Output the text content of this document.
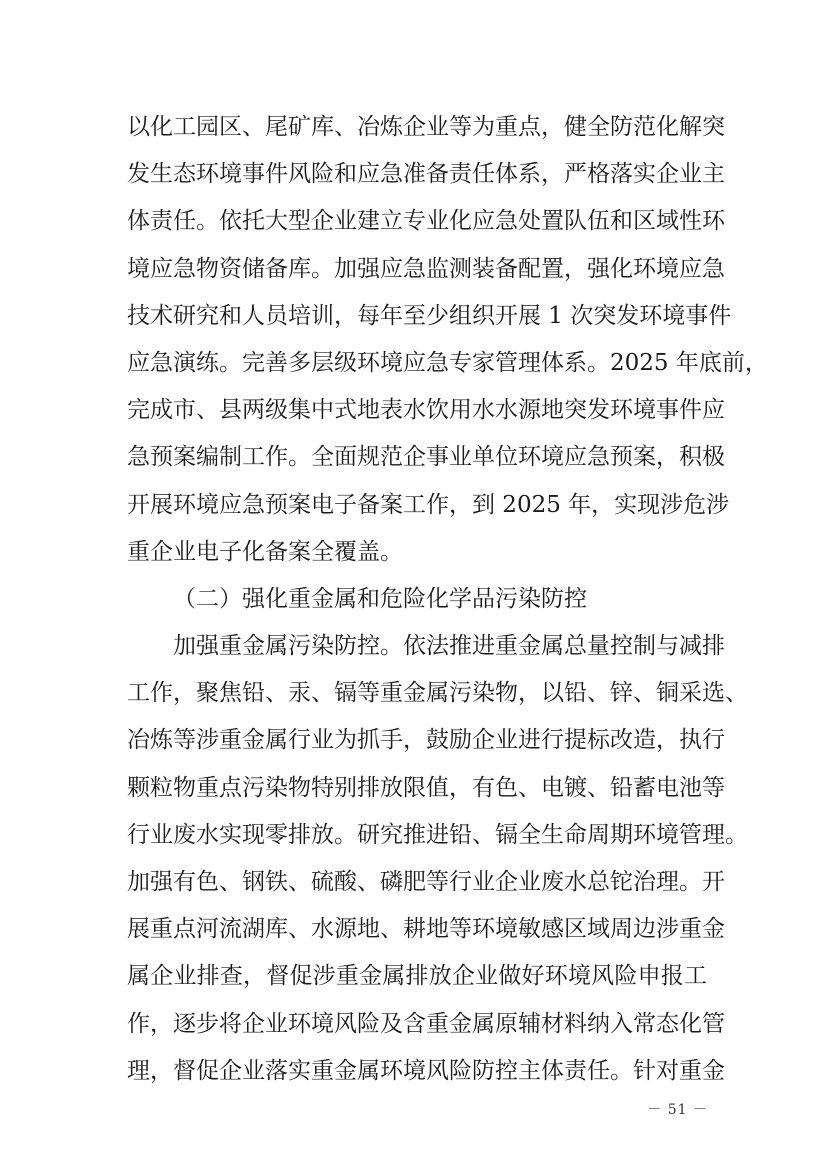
以化工园区、尾矿库、冶炼企业等为重点，健全防范化解突
发生态环境事件风险和应急准备责任体系，严格落实企业主
体责任。依托大型企业建立专业化应急处置队伍和区域性环
境应急物资储备库。加强应急监测装备配置，强化环境应急
技术研究和人员培训，每年至少组织开展 1 次突发环境事件
应急演练。完善多层级环境应急专家管理体系。2025 年底前，
完成市、县两级集中式地表水饮用水水源地突发环境事件应
急预案编制工作。全面规范企事业单位环境应急预案，积极
开展环境应急预案电子备案工作，到 2025 年，实现涉危涉
重企业电子化备案全覆盖。
（二）强化重金属和危险化学品污染防控
加强重金属污染防控。依法推进重金属总量控制与减排
工作，聚焦铅、汞、镉等重金属污染物，以铅、锌、铜采选、
冶炼等涉重金属行业为抓手，鼓励企业进行提标改造，执行
颗粒物重点污染物特别排放限值，有色、电镀、铅蓄电池等
行业废水实现零排放。研究推进铅、镉全生命周期环境管理。
加强有色、钢铁、硫酸、磷肥等行业企业废水总铊治理。开
展重点河流湖库、水源地、耕地等环境敏感区域周边涉重金
属企业排查，督促涉重金属排放企业做好环境风险申报工
作，逐步将企业环境风险及含重金属原辅材料纳入常态化管
理，督促企业落实重金属环境风险防控主体责任。针对重金
－ 51 －
